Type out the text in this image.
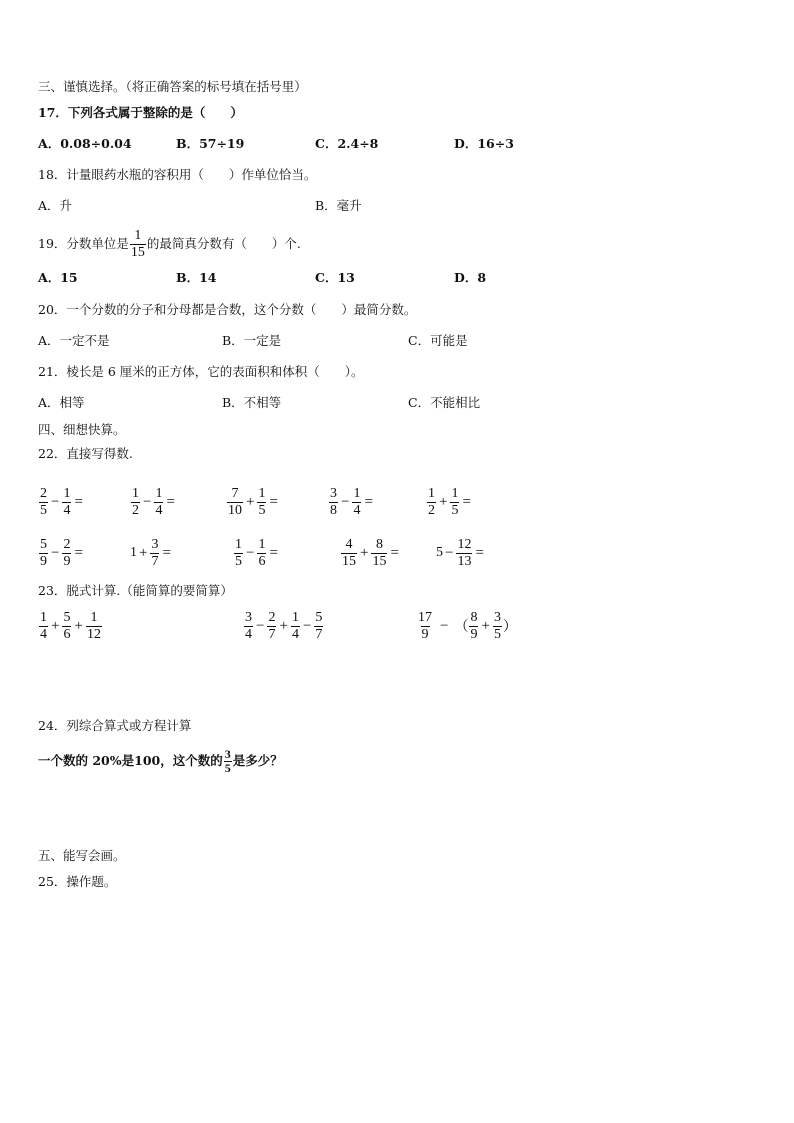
三、谨慎选择。（将正确答案的标号填在括号里）
17．下列各式属于整除的是（　　）
A．0.08÷0.04	B．57÷19	C．2.4÷8	D．16÷3
18．计量眼药水瓶的容积用（　　）作单位恰当。
A．升	B．毫升
19．分数单位是 $\frac{1}{15}$ 的最简真分数有（　　）个.
A．15	B．14	C．13	D．8
20．一个分数的分子和分母都是合数，这个分数（　　）最简分数。
A．一定不是	B．一定是	C．可能是
21．棱长是 6 厘米的正方体，它的表面积和体积（　　）。
A．相等	B．不相等	C．不能相比
四、细想快算。
22．直接写得数.
$\frac{2}{5} - \frac{1}{4}$ =	$\frac{1}{2} - \frac{1}{4}$ =	$\frac{7}{10} + \frac{1}{5}$ =	$\frac{3}{8} - \frac{1}{4}$ =	$\frac{1}{2} + \frac{1}{5}$ =
$\frac{5}{9} - \frac{2}{9}$ =	$1 + \frac{3}{7}$ =	$\frac{1}{5} - \frac{1}{6}$ =	$\frac{4}{15} + \frac{8}{15}$ =	$5 - \frac{12}{13}$ =
23．脱式计算.（能简算的要简算）
$\frac{1}{4} + \frac{5}{6} + \frac{1}{12}$	$\frac{3}{4} - \frac{2}{7} + \frac{1}{4} - \frac{5}{7}$	$\frac{17}{9}$ − （ $\frac{8}{9} + \frac{3}{5}$ ）
24．列综合算式或方程计算
一个数的 20%是100，这个数的 $\frac{3}{5}$ 是多少？
五、能写会画。
25．操作题。
